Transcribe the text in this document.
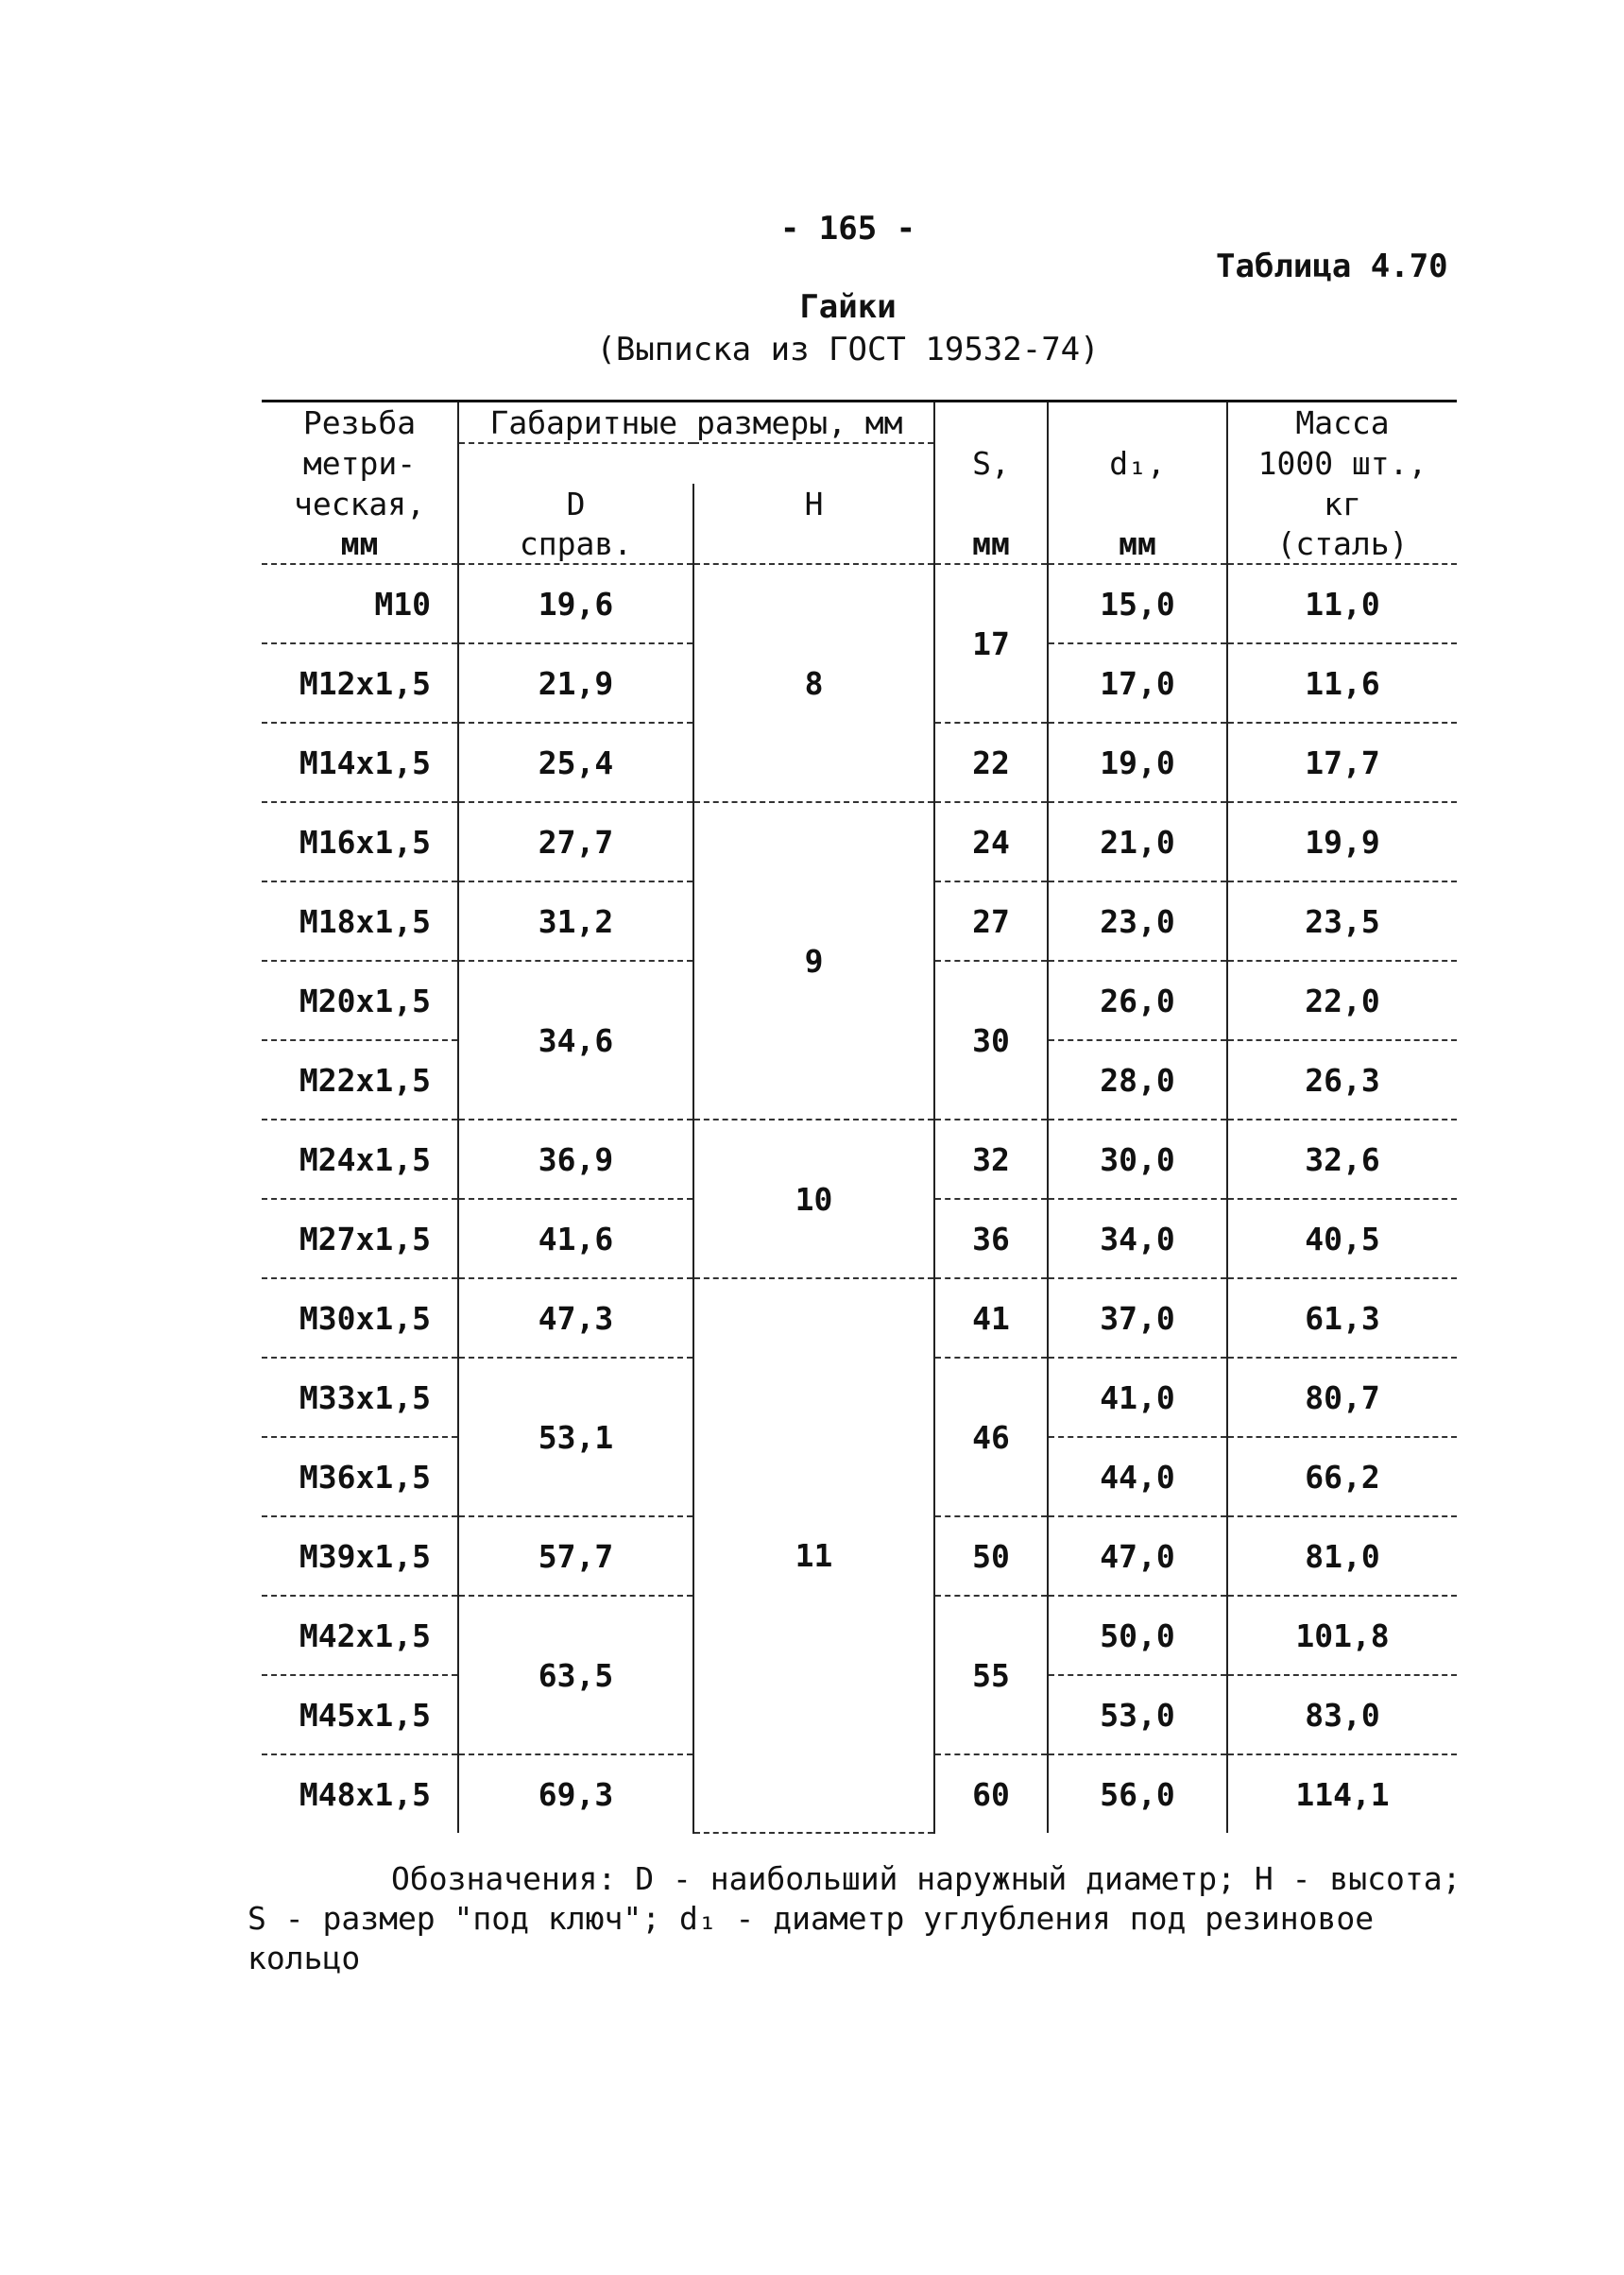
- 165 -
Таблица 4.70
Гайки
(Выписка из ГОСТ 19532-74)
Резьба	Габаритные размеры, мм				Масса
метри-			S,	d₁,	1000 шт.,
ческая,	D	H			кг
мм	справ.		мм	мм	(сталь)
M10	19,6	8	17	15,0	11,0
M12x1,5	21,9			17,0	11,6
M14x1,5	25,4		22	19,0	17,7
M16x1,5	27,7	9	24	21,0	19,9
M18x1,5	31,2		27	23,0	23,5
M20x1,5	34,6		30	26,0	22,0
M22x1,5				28,0	26,3
M24x1,5	36,9	10	32	30,0	32,6
M27x1,5	41,6		36	34,0	40,5
M30x1,5	47,3	11	41	37,0	61,3
M33x1,5	53,1		46	41,0	80,7
M36x1,5				44,0	66,2
M39x1,5	57,7		50	47,0	81,0
M42x1,5	63,5		55	50,0	101,8
M45x1,5				53,0	83,0
M48x1,5	69,3		60	56,0	114,1
Обозначения: D - наибольший наружный диаметр; H - высота;
S - размер "под ключ"; d₁ - диаметр углубления под резиновое
кольцо
